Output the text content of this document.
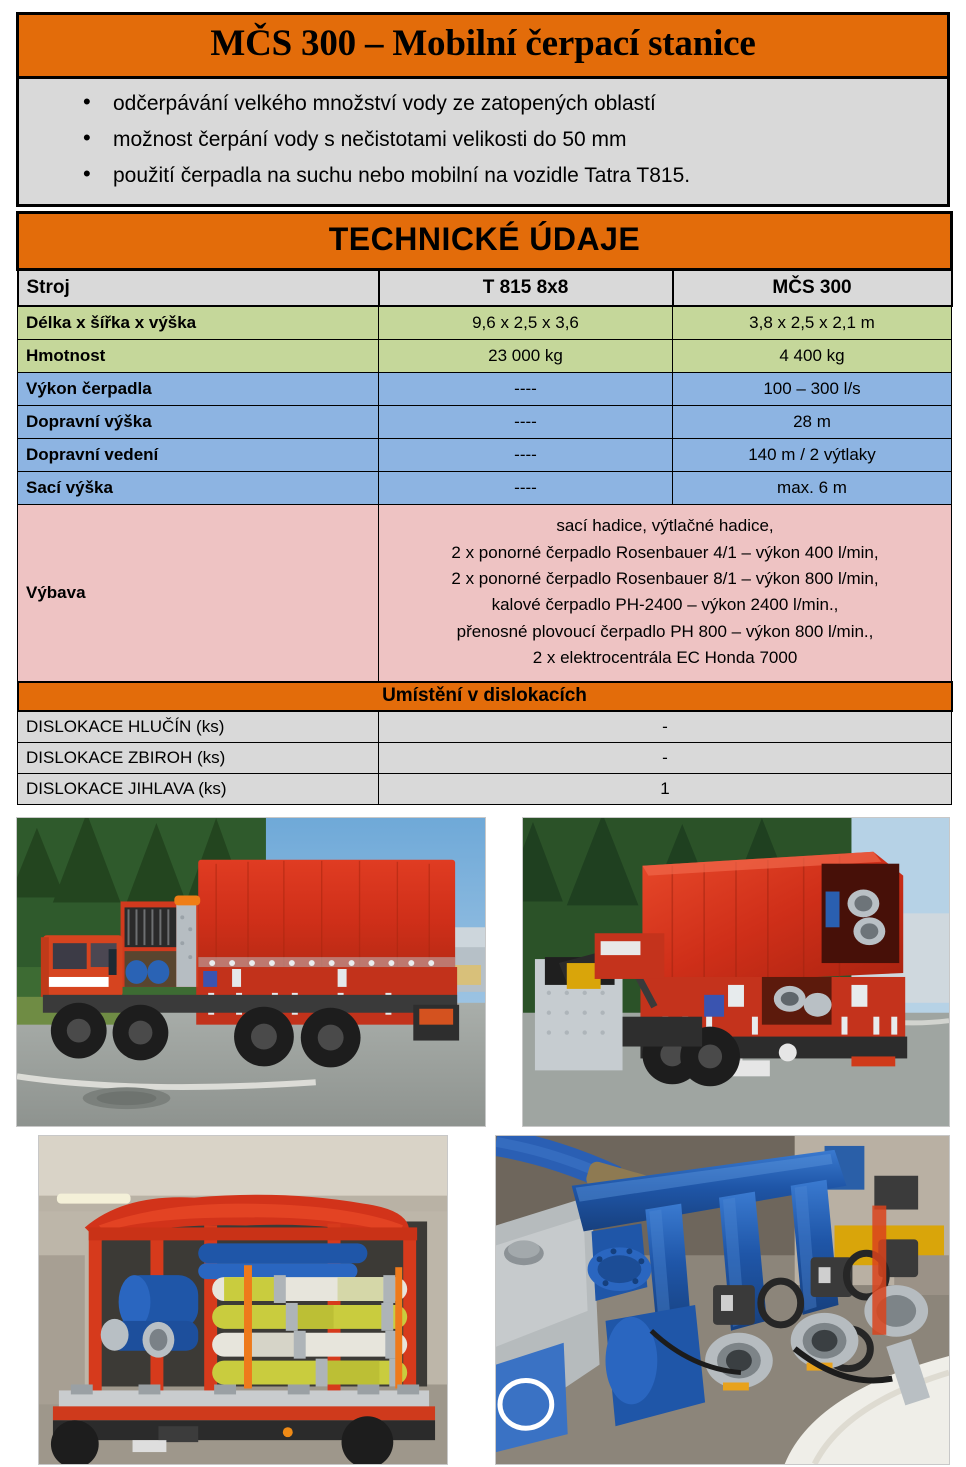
MČS 300 – Mobilní čerpací stanice
• odčerpávání velkého množství vody ze zatopených oblastí
• možnost čerpání vody s nečistotami velikosti do 50 mm
• použití čerpadla na suchu nebo mobilní na vozidle Tatra T815.
TECHNICKÉ ÚDAJE		
Stroj	T 815 8x8	MČS 300
Délka x šířka x výška	9,6 x 2,5 x 3,6	3,8 x 2,5 x 2,1 m
Hmotnost	23 000 kg	4 400 kg
Výkon čerpadla	----	100 – 300 l/s
Dopravní výška	----	28 m
Dopravní vedení	----	140 m / 2 výtlaky
Sací výška	----	max. 6 m
Výbava	
sací hadice, výtlačné hadice,
2 x ponorné čerpadlo Rosenbauer 4/1 – výkon 400 l/min,
2 x ponorné čerpadlo Rosenbauer 8/1 – výkon 800 l/min,
kalové čerpadlo PH-2400 – výkon 2400 l/min.,
přenosné plovoucí čerpadlo PH 800 – výkon 800 l/min.,
2 x elektrocentrála EC Honda 7000

Umístění v dislokacích		
DISLOKACE HLUČÍN (ks)	-	
DISLOKACE ZBIROH (ks)	-	
DISLOKACE JIHLAVA (ks)	1	
